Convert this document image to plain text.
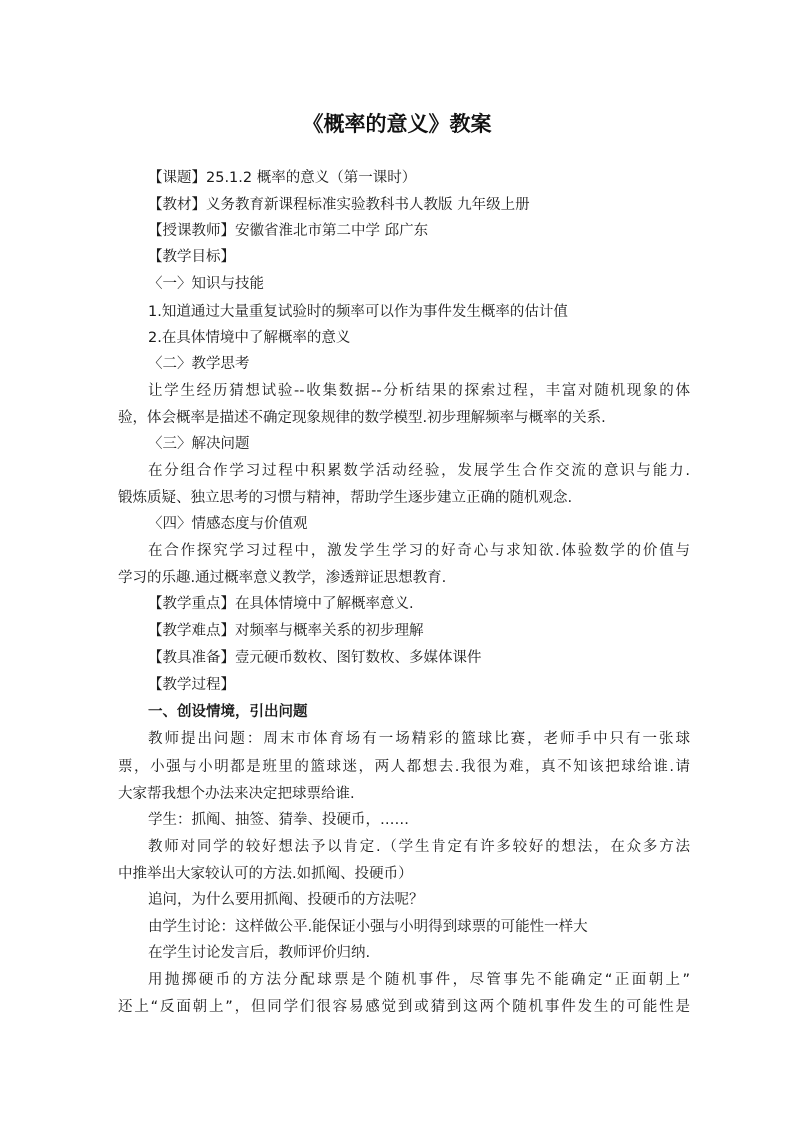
《概率的意义》教案
【课题】25.1.2 概率的意义（第一课时）
【教材】义务教育新课程标准实验教科书人教版 九年级上册
【授课教师】安徽省淮北市第二中学 邱广东
【教学目标】
〈一〉知识与技能
1.知道通过大量重复试验时的频率可以作为事件发生概率的估计值
2.在具体情境中了解概率的意义
〈二〉教学思考
让学生经历猜想试验--收集数据--分析结果的探索过程，丰富对随机现象的体
验，体会概率是描述不确定现象规律的数学模型.初步理解频率与概率的关系.
〈三〉解决问题
在分组合作学习过程中积累数学活动经验，发展学生合作交流的意识与能力.
锻炼质疑、独立思考的习惯与精神，帮助学生逐步建立正确的随机观念.
〈四〉情感态度与价值观
在合作探究学习过程中，激发学生学习的好奇心与求知欲.体验数学的价值与
学习的乐趣.通过概率意义教学，渗透辩证思想教育.
【教学重点】在具体情境中了解概率意义.
【教学难点】对频率与概率关系的初步理解
【教具准备】壹元硬币数枚、图钉数枚、多媒体课件
【教学过程】
一、创设情境，引出问题
教师提出问题：周末市体育场有一场精彩的篮球比赛，老师手中只有一张球
票，小强与小明都是班里的篮球迷，两人都想去.我很为难，真不知该把球给谁.请
大家帮我想个办法来决定把球票给谁.
学生：抓阄、抽签、猜拳、投硬币，……
教师对同学的较好想法予以肯定.（学生肯定有许多较好的想法，在众多方法
中推举出大家较认可的方法.如抓阄、投硬币）
追问，为什么要用抓阄、投硬币的方法呢？
由学生讨论：这样做公平.能保证小强与小明得到球票的可能性一样大
在学生讨论发言后，教师评价归纳.
用抛掷硬币的方法分配球票是个随机事件，尽管事先不能确定“正面朝上”
还上“反面朝上”，但同学们很容易感觉到或猜到这两个随机事件发生的可能性是
